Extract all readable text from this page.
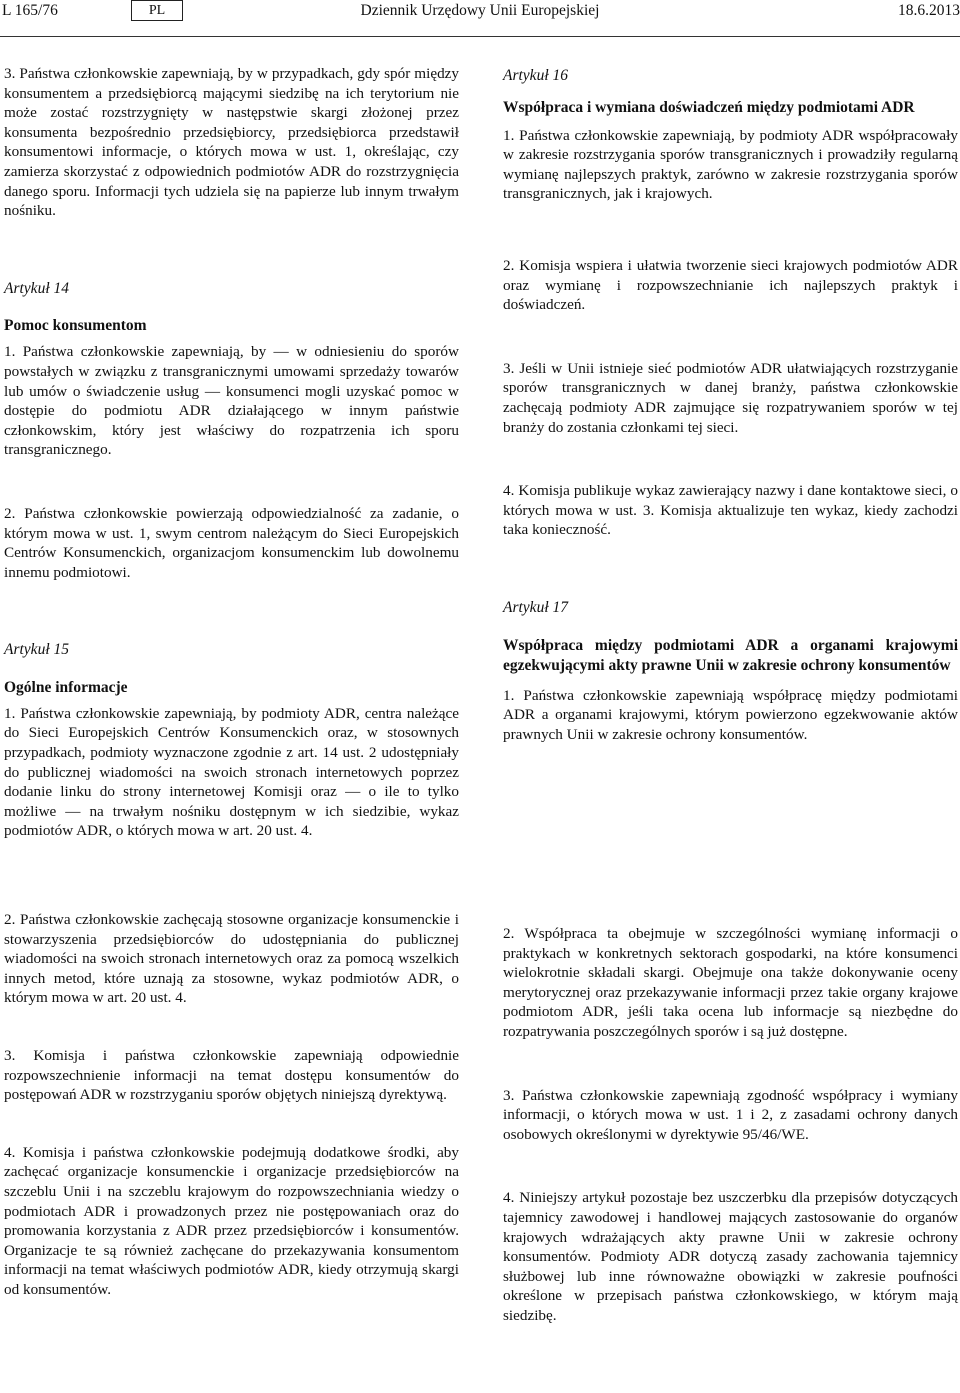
L 165/76	PL	Dziennik Urzędowy Unii Europejskiej	18.6.2013

3. Państwa członkowskie zapewniają, by w przypadkach, gdy spór między konsumentem a przedsiębiorcą mającymi siedzibę na ich terytorium nie może zostać rozstrzygnięty w następstwie skargi złożonej przez konsumenta bezpośrednio przedsiębiorcy, przedsiębiorca przedstawił konsumentowi informacje, o których mowa w ust. 1, określając, czy zamierza skorzystać z odpowiednich podmiotów ADR do rozstrzygnięcia danego sporu. Informacji tych udziela się na papierze lub innym trwałym nośniku.

Artykuł 14

Pomoc konsumentom

1. Państwa członkowskie zapewniają, by — w odniesieniu do sporów powstałych w związku z transgranicznymi umowami sprzedaży towarów lub umów o świadczenie usług — konsumenci mogli uzyskać pomoc w dostępie do podmiotu ADR działającego w innym państwie członkowskim, który jest właściwy do rozpatrzenia ich sporu transgranicznego.

2. Państwa członkowskie powierzają odpowiedzialność za zadanie, o którym mowa w ust. 1, swym centrom należącym do Sieci Europejskich Centrów Konsumenckich, organizacjom konsumenckim lub dowolnemu innemu podmiotowi.

Artykuł 15

Ogólne informacje

1. Państwa członkowskie zapewniają, by podmioty ADR, centra należące do Sieci Europejskich Centrów Konsumenckich oraz, w stosownych przypadkach, podmioty wyznaczone zgodnie z art. 14 ust. 2 udostępniały do publicznej wiadomości na swoich stronach internetowych poprzez dodanie linku do strony internetowej Komisji oraz — o ile to tylko możliwe — na trwałym nośniku dostępnym w ich siedzibie, wykaz podmiotów ADR, o których mowa w art. 20 ust. 4.

Artykuł 16

Współpraca i wymiana doświadczeń między podmiotami ADR

1. Państwa członkowskie zapewniają, by podmioty ADR współpracowały w zakresie rozstrzygania sporów transgranicznych i prowadziły regularną wymianę najlepszych praktyk, zarówno w zakresie rozstrzygania sporów transgranicznych, jak i krajowych.

2. Komisja wspiera i ułatwia tworzenie sieci krajowych podmiotów ADR oraz wymianę i rozpowszechnianie ich najlepszych praktyk i doświadczeń.

3. Jeśli w Unii istnieje sieć podmiotów ADR ułatwiających rozstrzyganie sporów transgranicznych w danej branży, państwa członkowskie zachęcają podmioty ADR zajmujące się rozpatrywaniem sporów w tej branży do zostania członkami tej sieci.

4. Komisja publikuje wykaz zawierający nazwy i dane kontaktowe sieci, o których mowa w ust. 3. Komisja aktualizuje ten wykaz, kiedy zachodzi taka konieczność.

Artykuł 17

Współpraca między podmiotami ADR a organami krajowymi egzekwującymi akty prawne Unii w zakresie ochrony konsumentów

1. Państwa członkowskie zapewniają współpracę między podmiotami ADR a organami krajowymi, którym powierzono egzekwowanie aktów prawnych Unii w zakresie ochrony konsumentów.

2. Państwa członkowskie zachęcają stosowne organizacje konsumenckie i stowarzyszenia przedsiębiorców do udostępniania do publicznej wiadomości na swoich stronach internetowych oraz za pomocą wszelkich innych metod, które uznają za stosowne, wykaz podmiotów ADR, o którym mowa w art. 20 ust. 4.

3. Komisja i państwa członkowskie zapewniają odpowiednie rozpowszechnienie informacji na temat dostępu konsumentów do postępowań ADR w rozstrzyganiu sporów objętych niniejszą dyrektywą.

4. Komisja i państwa członkowskie podejmują dodatkowe środki, aby zachęcać organizacje konsumenckie i organizacje przedsiębiorców na szczeblu Unii i na szczeblu krajowym do rozpowszechniania wiedzy o podmiotach ADR i prowadzonych przez nie postępowaniach oraz do promowania korzystania z ADR przez przedsiębiorców i konsumentów. Organizacje te są również zachęcane do przekazywania konsumentom informacji na temat właściwych podmiotów ADR, kiedy otrzymują skargi od konsumentów.

2. Współpraca ta obejmuje w szczególności wymianę informacji o praktykach w konkretnych sektorach gospodarki, na które konsumenci wielokrotnie składali skargi. Obejmuje ona także dokonywanie oceny merytorycznej oraz przekazywanie informacji przez takie organy krajowe podmiotom ADR, jeśli taka ocena lub informacje są niezbędne do rozpatrywania poszczególnych sporów i są już dostępne.

3. Państwa członkowskie zapewniają zgodność współpracy i wymiany informacji, o których mowa w ust. 1 i 2, z zasadami ochrony danych osobowych określonymi w dyrektywie 95/46/WE.

4. Niniejszy artykuł pozostaje bez uszczerbku dla przepisów dotyczących tajemnicy zawodowej i handlowej mających zastosowanie do organów krajowych wdrażających akty prawne Unii w zakresie ochrony konsumentów. Podmioty ADR dotyczą zasady zachowania tajemnicy służbowej lub inne równoważne obowiązki w zakresie poufności określone w przepisach państwa członkowskiego, w którym mają siedzibę.
